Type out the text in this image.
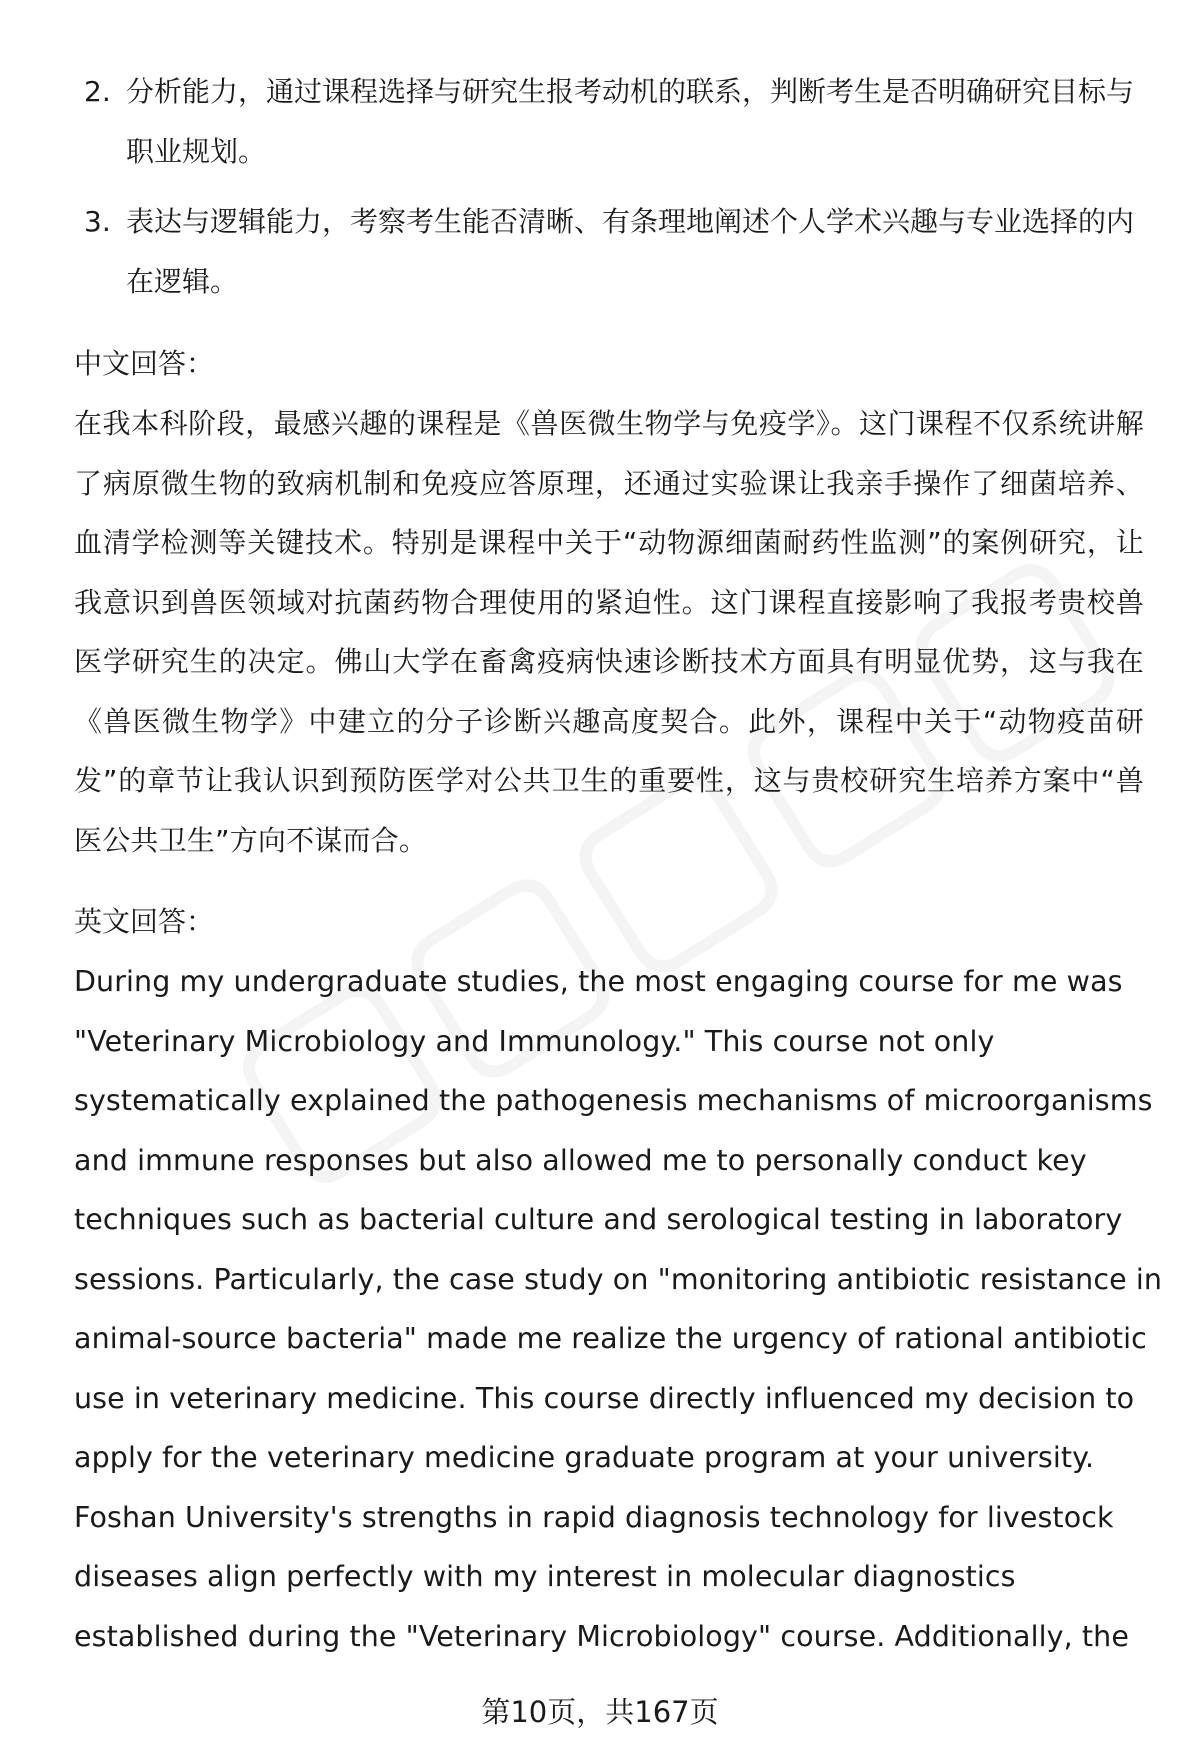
2. 分析能力，通过课程选择与研究生报考动机的联系，判断考生是否明确研究目标与职业规划。
3. 表达与逻辑能力，考察考生能否清晰、有条理地阐述个人学术兴趣与专业选择的内在逻辑。
中文回答：
在我本科阶段，最感兴趣的课程是《兽医微生物学与免疫学》。这门课程不仅系统讲解了病原微生物的致病机制和免疫应答原理，还通过实验课让我亲手操作了细菌培养、血清学检测等关键技术。特别是课程中关于“动物源细菌耐药性监测”的案例研究，让我意识到兽医领域对抗菌药物合理使用的紧迫性。这门课程直接影响了我报考贵校兽医学研究生的决定。佛山大学在畜禽疫病快速诊断技术方面具有明显优势，这与我在《兽医微生物学》中建立的分子诊断兴趣高度契合。此外，课程中关于“动物疫苗研发”的章节让我认识到预防医学对公共卫生的重要性，这与贵校研究生培养方案中“兽医公共卫生”方向不谋而合。
英文回答：
During my undergraduate studies, the most engaging course for me was
"Veterinary Microbiology and Immunology." This course not only
systematically explained the pathogenesis mechanisms of microorganisms
and immune responses but also allowed me to personally conduct key
techniques such as bacterial culture and serological testing in laboratory
sessions. Particularly, the case study on "monitoring antibiotic resistance in
animal-source bacteria" made me realize the urgency of rational antibiotic
use in veterinary medicine. This course directly influenced my decision to
apply for the veterinary medicine graduate program at your university.
Foshan University's strengths in rapid diagnosis technology for livestock
diseases align perfectly with my interest in molecular diagnostics
established during the "Veterinary Microbiology" course. Additionally, the
第10页，共167页
